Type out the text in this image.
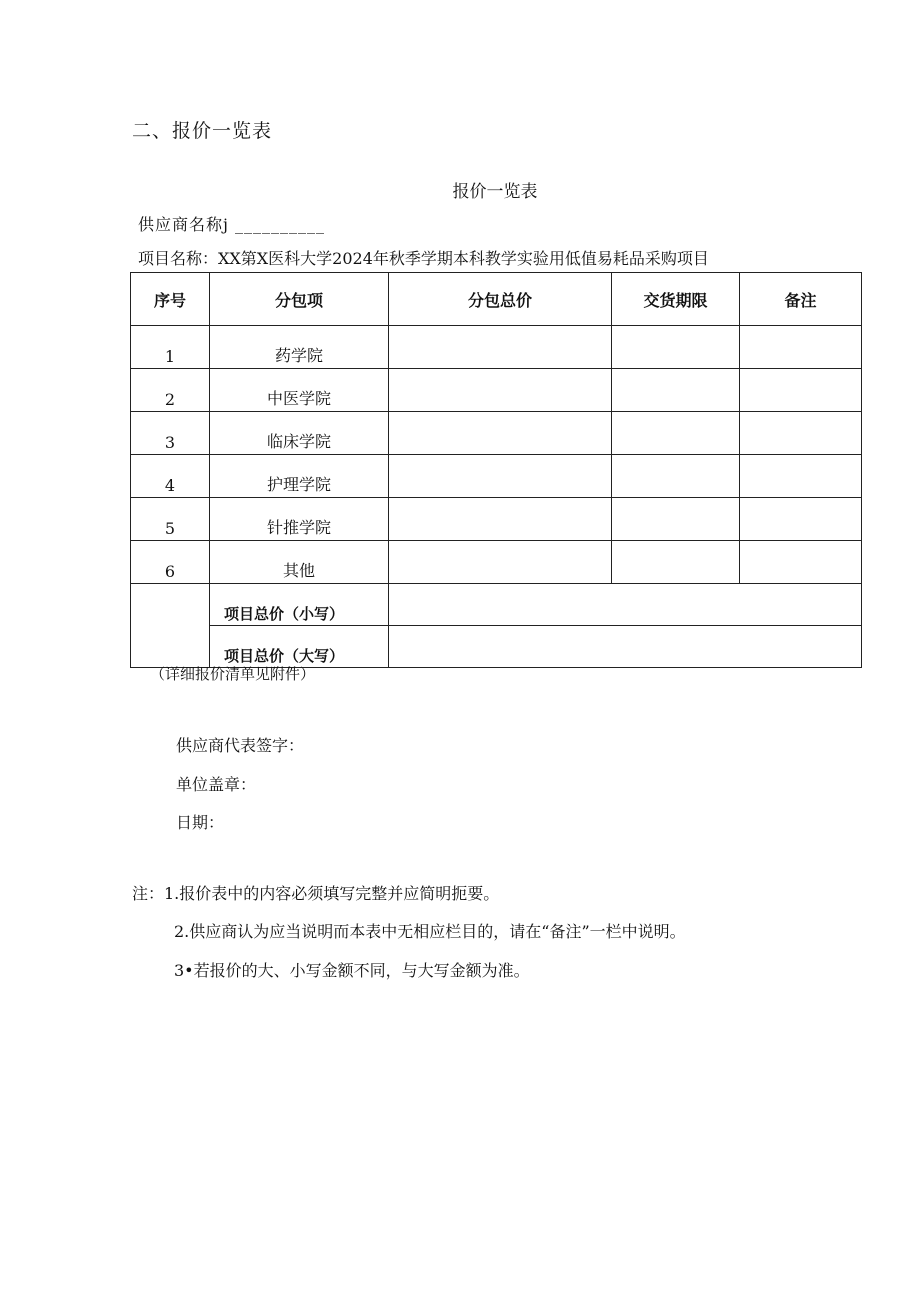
二、报价一览表
报价一览表
供应商名称j __________
项目名称：XX第X医科大学2024年秋季学期本科教学实验用低值易耗品采购项目
序号	分包项	分包总价	交货期限	备注
1	药学院			
2	中医学院			
3	临床学院			
4	护理学院			
5	针推学院			
6	其他			
	项目总价（小写）			
	项目总价（大写）			
（详细报价清单见附件）
供应商代表签字：
单位盖章：
日期：
注：1.报价表中的内容必须填写完整并应简明扼要。
2.供应商认为应当说明而本表中无相应栏目的，请在“备注”一栏中说明。
3•若报价的大、小写金额不同，与大写金额为准。
